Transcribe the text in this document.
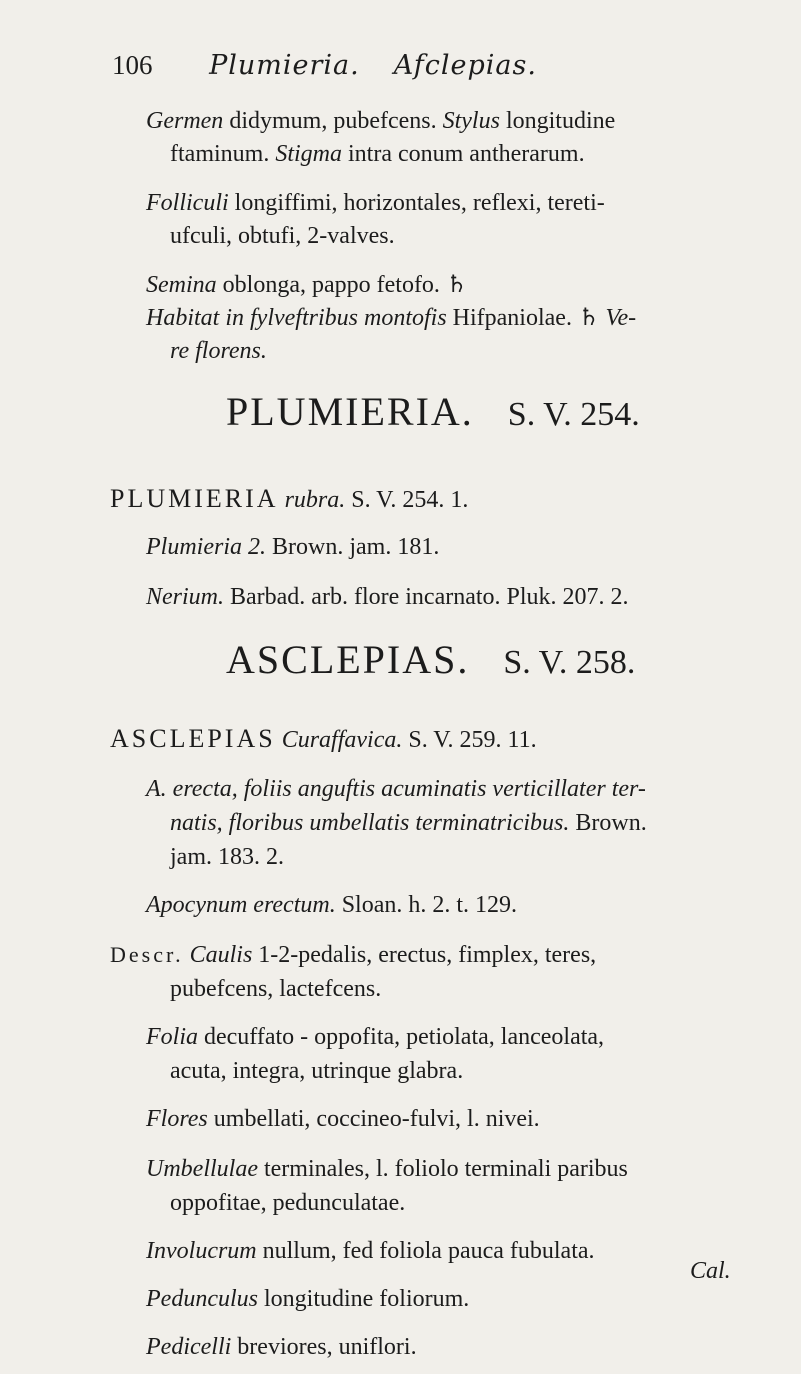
106 Plumieria. Afclepias.
Germen didymum, pubefcens. Stylus longitudine
ftaminum. Stigma intra conum antherarum.
Folliculi longiffimi, horizontales, reflexi, tereti-
ufculi, obtufi, 2-valves.
Semina oblonga, pappo fetofo. ♄
Habitat in fylveftribus montofis Hifpaniolae. ♄ Ve-
re florens.
PLUMIERIA. S. V. 254.
PLUMIERIA rubra. S. V. 254. 1.
Plumieria 2. Brown. jam. 181.
Nerium. Barbad. arb. flore incarnato. Pluk. 207. 2.
ASCLEPIAS. S. V. 258.
ASCLEPIAS Curaffavica. S. V. 259. 11.
A. erecta, foliis anguftis acuminatis verticillater ter-
natis, floribus umbellatis terminatricibus. Brown.
jam. 183. 2.
Apocynum erectum. Sloan. h. 2. t. 129.
Descr. Caulis 1-2-pedalis, erectus, fimplex, teres,
pubefcens, lactefcens.
Folia decuffato - oppofita, petiolata, lanceolata,
acuta, integra, utrinque glabra.
Flores umbellati, coccineo-fulvi, l. nivei.
Umbellulae terminales, l. foliolo terminali paribus
oppofitae, pedunculatae.
Involucrum nullum, fed foliola pauca fubulata.
Pedunculus longitudine foliorum.
Pedicelli breviores, uniflori.
Cal.
